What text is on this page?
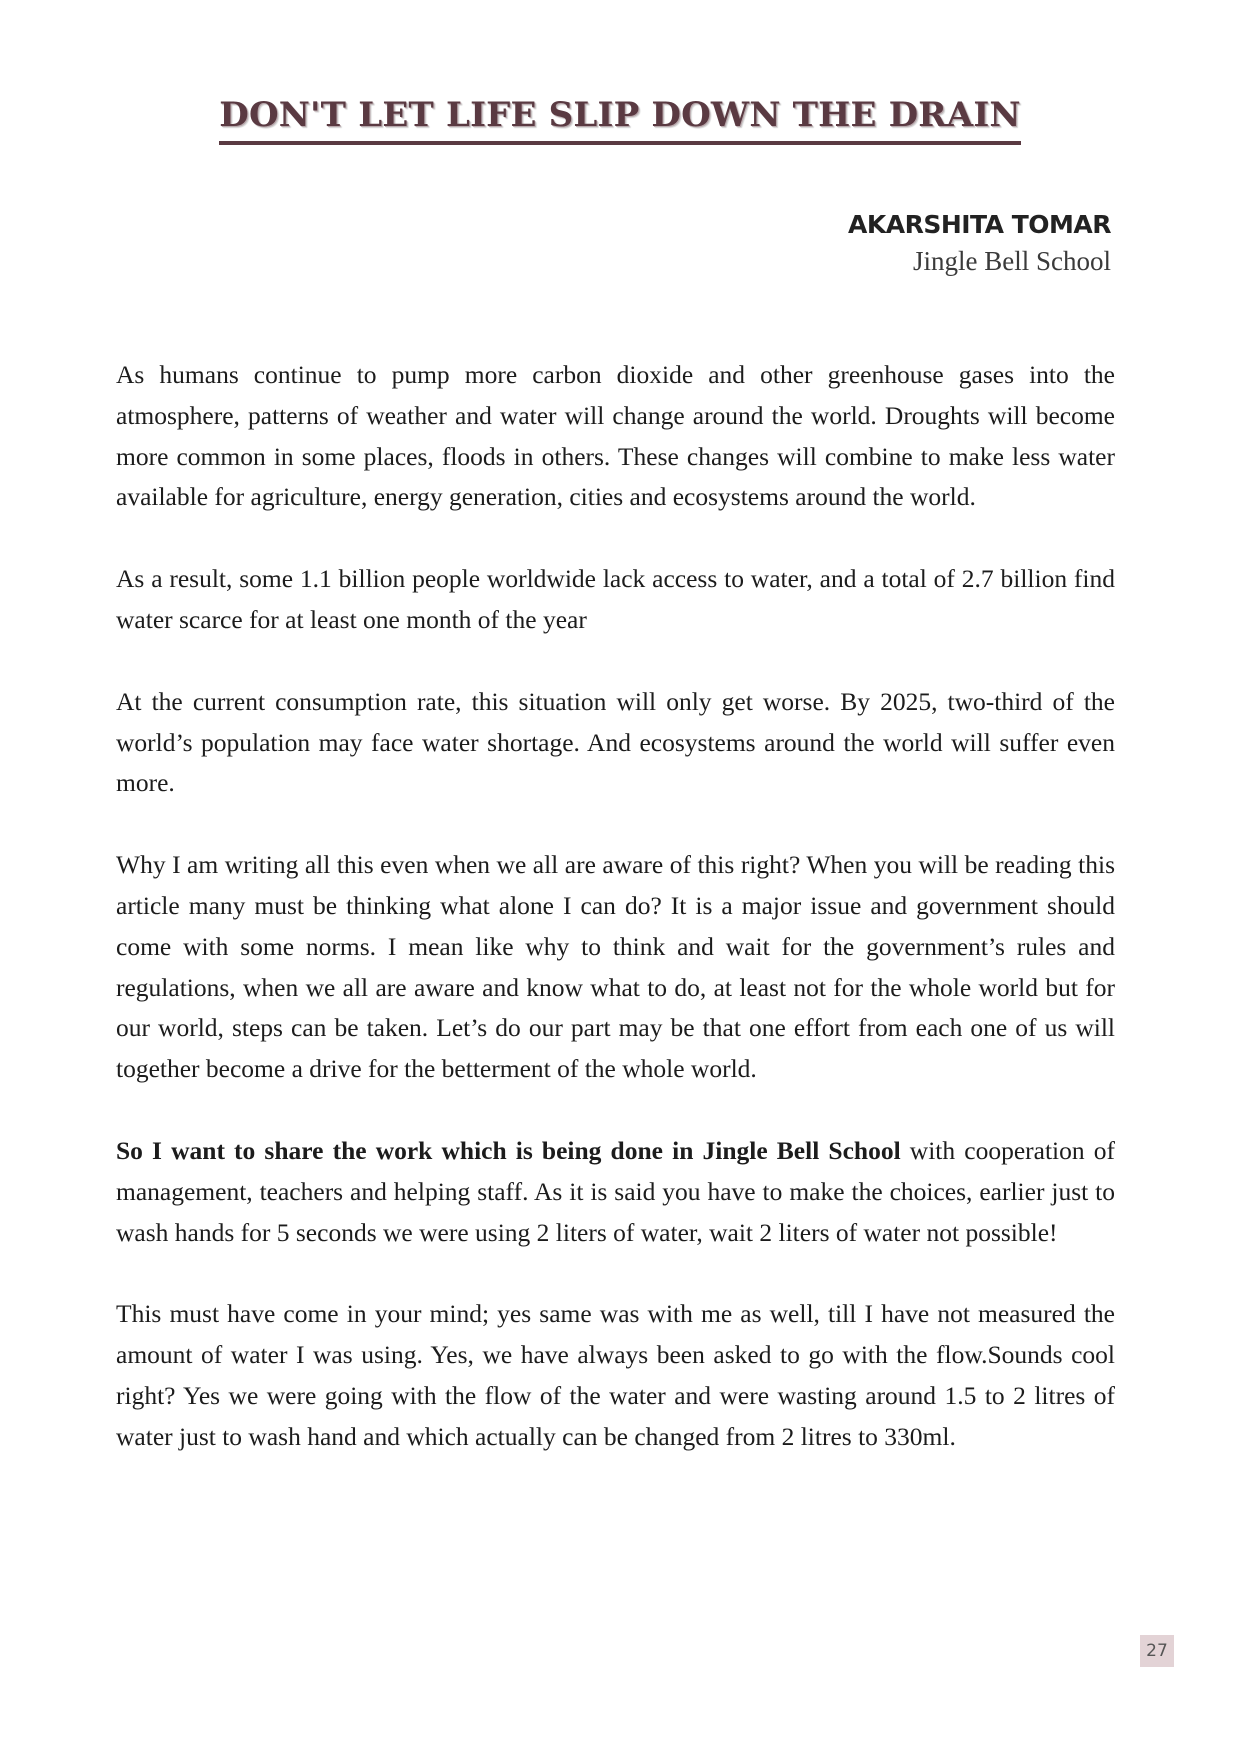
DON'T LET LIFE SLIP DOWN THE DRAIN
AKARSHITA TOMAR
Jingle Bell School

As humans continue to pump more carbon dioxide and other greenhouse gases into the atmosphere, patterns of weather and water will change around the world. Droughts will become more common in some places, floods in others. These changes will combine to make less water available for agriculture, energy generation, cities and ecosystems around the world.

As a result, some 1.1 billion people worldwide lack access to water, and a total of 2.7 billion find water scarce for at least one month of the year

At the current consumption rate, this situation will only get worse. By 2025, two-third of the world’s population may face water shortage. And ecosystems around the world will suffer even more.

Why I am writing all this even when we all are aware of this right? When you will be reading this article many must be thinking what alone I can do? It is a major issue and government should come with some norms. I mean like why to think and wait for the government’s rules and regulations, when we all are aware and know what to do, at least not for the whole world but for our world, steps can be taken. Let’s do our part may be that one effort from each one of us will together become a drive for the betterment of the whole world.

So I want to share the work which is being done in Jingle Bell School with cooperation of management, teachers and helping staff. As it is said you have to make the choices, earlier just to wash hands for 5 seconds we were using 2 liters of water, wait 2 liters of water not possible!

This must have come in your mind; yes same was with me as well, till I have not measured the amount of water I was using. Yes, we have always been asked to go with the flow.Sounds cool right? Yes we were going with the flow of the water and were wasting around 1.5 to 2 litres of water just to wash hand and which actually can be changed from 2 litres to 330ml.

27
